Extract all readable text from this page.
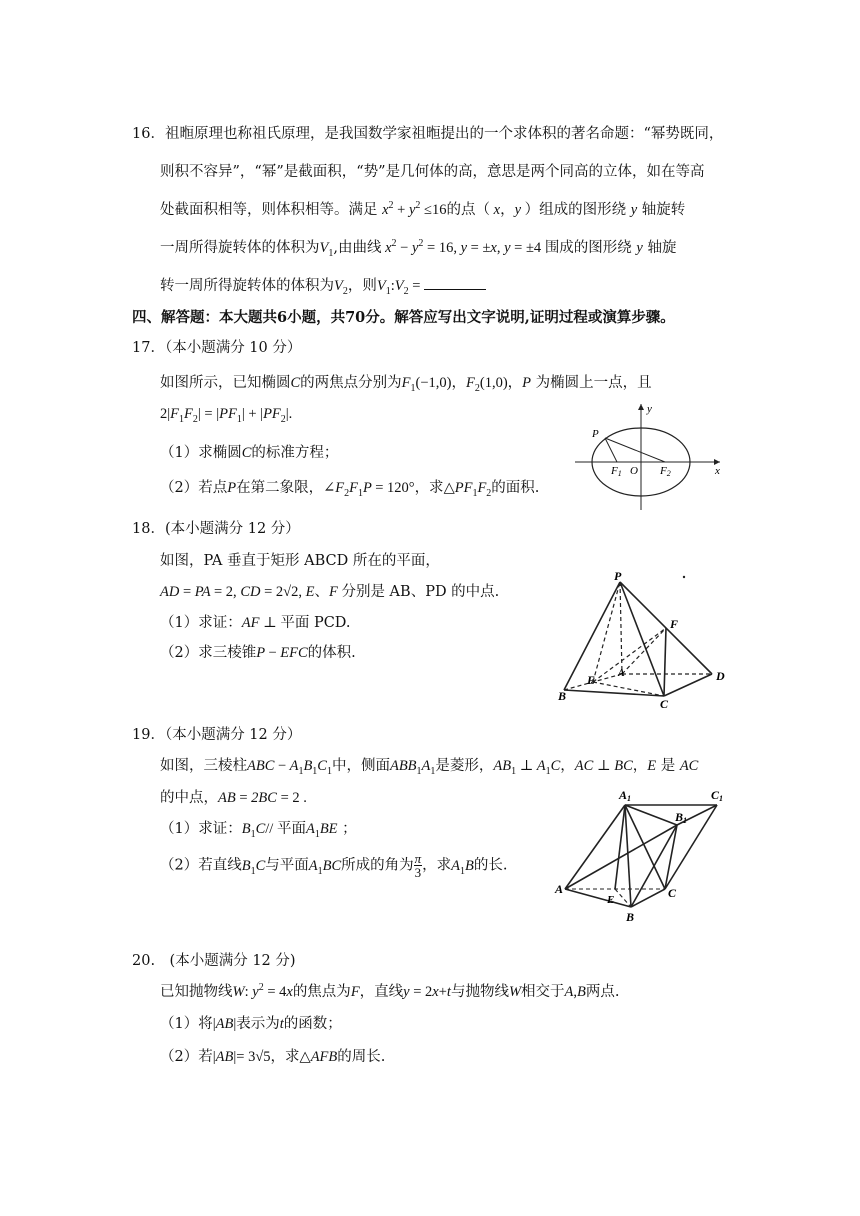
16．祖暅原理也称祖氏原理，是我国数学家祖暅提出的一个求体积的著名命题：“幂势既同，
则积不容异”，“幂”是截面积，“势”是几何体的高，意思是两个同高的立体，如在等高
处截面积相等，则体积相等。满足 $x^2 + y^2 \le 16$的点（ x，y ）组成的图形绕 y 轴旋转
一周所得旋转体的体积为$V_1$,由曲线 $x^2 - y^2 = 16$, y = ±x, y = ±4 围成的图形绕 y 轴旋
转一周所得旋转体的体积为$V_2$，则$V_1:V_2$ =
四、解答题：本大题共6小题，共70分。解答应写出文字说明,证明过程或演算步骤。
17．（本小题满分 10 分）
如图所示，已知椭圆C的两焦点分别为$F_1(-1,0)$，$F_2(1,0)$，P 为椭圆上一点，且
$2|F_1F_2| = |PF_1| + |PF_2|$.
（1）求椭圆C的标准方程；
（2）若点P在第二象限，$\angle F_2F_1P = 120^\circ$，求$\triangle PF_1F_2$的面积.
y
x
P
F1 O F2
18．(本小题满分 12 分）
如图，PA 垂直于矩形 ABCD 所在的平面，
AD = PA = 2, CD = 2√2, E、F 分别是 AB、PD 的中点.
（1）求证：AF ⊥ 平面 PCD.
（2）求三棱锥P − EFC的体积.
P
F
E A
B
C
D
19．（本小题满分 12 分）
如图，三棱柱ABC − $A_1B_1C_1$中，侧面$ABB_1A_1$是菱形，$AB_1$ ⊥ $A_1C$，AC ⊥ BC，E 是 AC
的中点，AB = 2BC = 2 .
（1）求证：$B_1C//$ 平面$A_1BE$ ；
（2）若直线$B_1C$与平面$A_1BC$所成的角为 $\frac{\pi}{3}$ ，求$A_1B$的长.
A1	C1
B1
A
E	C
B
20.　(本小题满分 12 分)
已知抛物线W: $y^2 = 4x$的焦点为F，直线y = 2x+t与抛物线W相交于A,B两点.
（1）将|AB|表示为t的函数；
（2）若|AB|= 3√5，求△AFB的周长.
